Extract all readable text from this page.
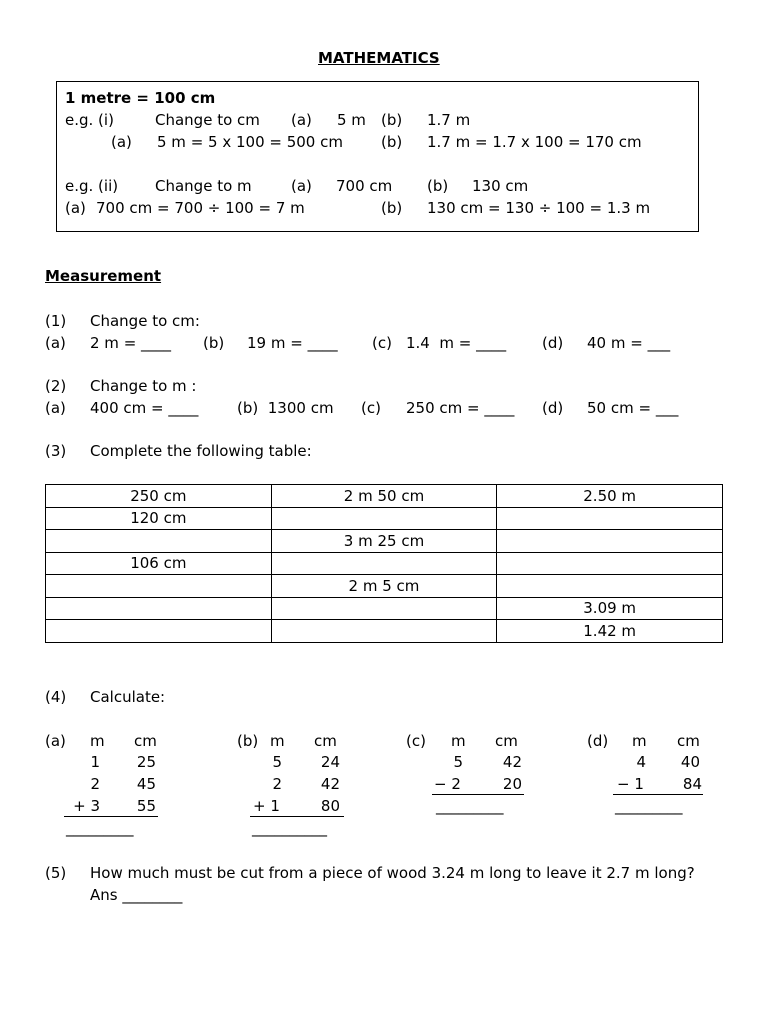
MATHEMATICS
1 metre = 100 cm
e.g. (i)	Change to cm (a) 5 m (b) 1.7 m
(a) 5 m = 5 x 100 = 500 cm	(b) 1.7 m = 1.7 x 100 = 170 cm
e.g. (ii) Change to m	(a) 700 cm (b) 130 cm
(a) 700 cm = 700 ÷ 100 = 7 m	(b) 130 cm = 130 ÷ 100 = 1.3 m
Measurement
(1) Change to cm:
(a) 2 m = ____ (b) 19 m = ____ (c) 1.4  m = ____ (d) 40 m = ___
(2) Change to m :
(a) 400 cm = ____	(b)  1300 cm (c) 250 cm = ____ (d) 50 cm = ___
(3) Complete the following table:
250 cm	2 m 50 cm	2.50 m
120 cm		
	3 m 25 cm	
106 cm		
	2 m 5 cm	
		3.09 m
		1.42 m
(4) Calculate:
(a) m cm
1	25
2	45
+ 3	55
_________
(b) m cm
5	24
2	42
+ 1	80
__________
(c) m cm
5	42
− 2	20
_________
(d) m cm
4	40
− 1	84
_________
(5) How much must be cut from a piece of wood 3.24 m long to leave it 2.7 m long?
Ans ________
